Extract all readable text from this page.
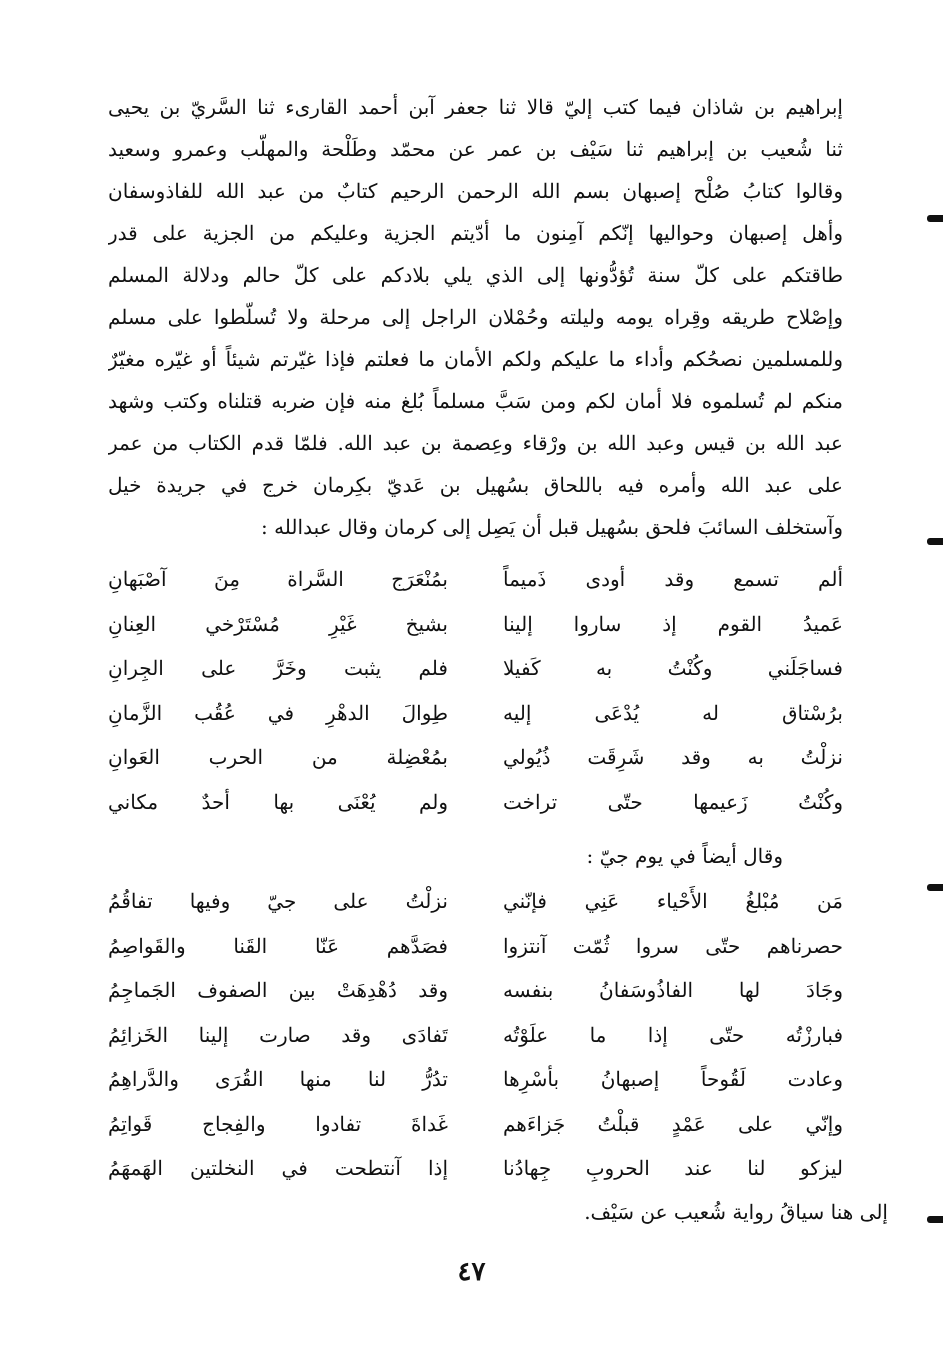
إبراهيم بن شاذان فيما كتب إليّ قالا ثنا جعفر آبن أحمد القارىء ثنا السَّريّ بن يحيى
ثنا شُعيب بن إبراهيم ثنا سَيْف بن عمر عن محمّد وطَلْحة والمهلّب وعمرو وسعيد
وقالوا كتابُ صُلْح إصبهان بسم الله الرحمن الرحيم كتابٌ من عبد الله للفاذوسفان
وأهل إصبهان وحواليها إنّكم آمِنون ما أدّيتم الجزية وعليكم من الجزية على قدر
طاقتكم على كلّ سنة تُؤدُّونها إلى الذي يلي بلادكم على كلّ حالم ودلالة المسلم
وإصْلاح طريقه وقِراه يومه وليلته وحُمْلان الراجل إلى مرحلة ولا تُسلّطوا على مسلم
وللمسلمين نصحُكم وأداء ما عليكم ولكم الأمان ما فعلتم فإذا غيّرتم شيئاً أو غيّره مغيّرٌ
منكم لم تُسلموه فلا أمان لكم ومن سَبَّ مسلماً بُلغ منه فإن ضربه قتلناه وكتب وشهد
عبد الله بن قيس وعبد الله بن ورْقاء وعِصمة بن عبد الله. فلمّا قدم الكتاب من عمر
على عبد الله وأمره فيه باللحاق بسُهيل بن عَديّ بكِرمان خرج في جريدة خيل
وآستخلف السائبَ فلحق بسُهيل قبل أن يَصِل إلى كرمان وقال عبدالله :
ألم تسمع وقد أودى ذَميماً
بمُنْعَرَج السَّراة مِنَ آصْبَهانِ
عَميدُ القوم إذ ساروا إلينا
بشيخ غَيْرِ مُسْتَرْخي العِنانِ
فساجَلَني وكُنْتُ به كَفيلا
فلم يثبت وخَرَّ على الجِرانِ
برُسْتاق له يُدْعَى إليه
طِوالَ الدهْرِ في عُقُب الزَّمانِ
نزلْتُ به وقد شَرِقَت ذُيُولي
بمُعْضِلة من الحرب العَوانِ
وكُنْتُ زَعيمها حتّى تراخت
ولم يُعْنَى بها أحدٌ مكاني
وقال أيضاً في يوم جيّ :
مَن مُبْلغُ الأَحْياء عَنِي فإنّني
نزلْتُ على جيّ وفيها تفاقُمُ
حصرناهم حتّى سروا ثُمّت آنتزوا
فصَدَّهم عَنّا القَنا والقَواصِمُ
وجَادَ لها الفاذُوسَفانُ بنفسه
وقد دُهْدِهَتْ بين الصفوف الجَماجِمُ
فبارزْتُه حتّى إذا ما علَوْتُه
تَفادَى وقد صارت إلينا الخَزائِمُ
وعادت لَقُوحاً إصبهانُ بأسْرِها
تدُرُّ لنا منها القُرَى والدَّراهِمُ
وإنّي على عَمْدٍ قبلْتُ جَزاءَهم
غَداةَ تفادوا والفِجاج قَواتِمُ
ليزكو لنا عند الحروبِ جِهادُنا
إذا آنتطحت في النخلتين الهَمهَمُ
إلى هنا سياقُ رواية شُعيب عن سَيْف.
٤٧
